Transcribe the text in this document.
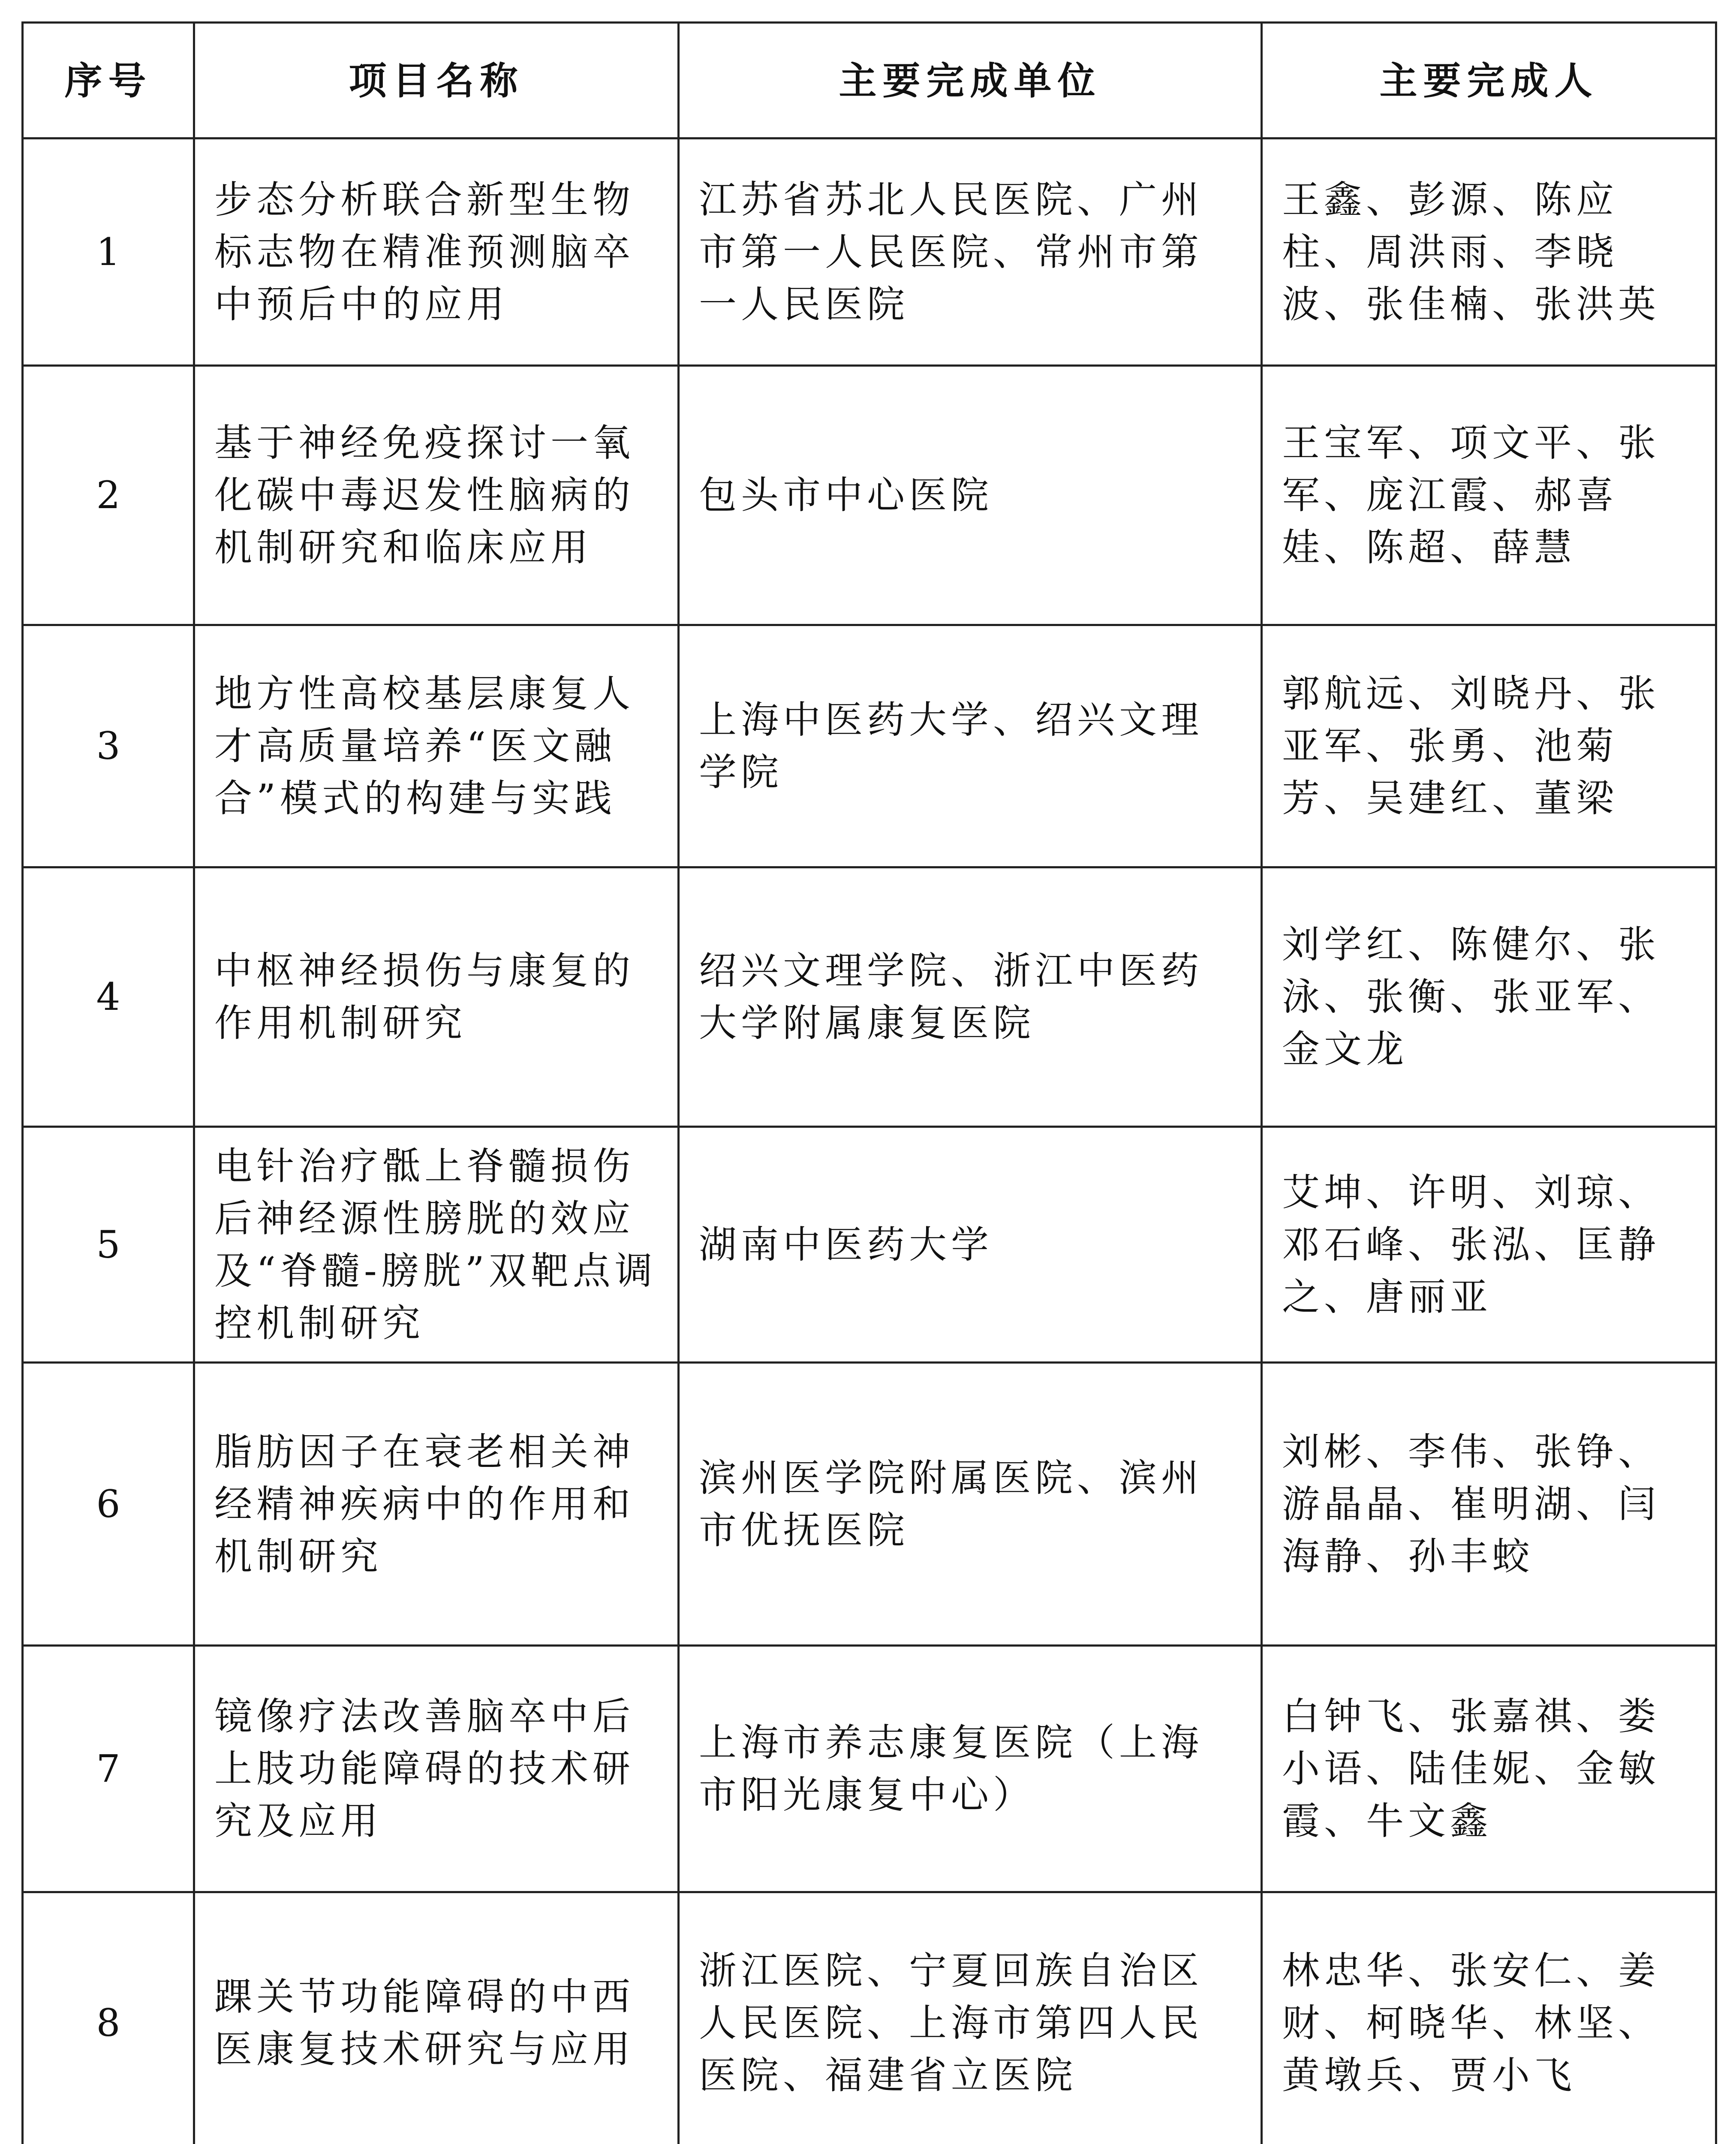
序号	项目名称	主要完成单位	主要完成人
1	步态分析联合新型生物标志物在精准预测脑卒中预后中的应用	江苏省苏北人民医院、广州市第一人民医院、常州市第一人民医院	王鑫、彭源、陈应柱、周洪雨、李晓波、张佳楠、张洪英
2	基于神经免疫探讨一氧化碳中毒迟发性脑病的机制研究和临床应用	包头市中心医院	王宝军、项文平、张军、庞江霞、郝喜娃、陈超、薛慧
3	地方性高校基层康复人才高质量培养“医文融合”模式的构建与实践	上海中医药大学、绍兴文理学院	郭航远、刘晓丹、张亚军、张勇、池菊芳、吴建红、董梁
4	中枢神经损伤与康复的作用机制研究	绍兴文理学院、浙江中医药大学附属康复医院	刘学红、陈健尔、张泳、张衡、张亚军、金文龙
5	电针治疗骶上脊髓损伤后神经源性膀胱的效应及“脊髓-膀胱”双靶点调控机制研究	湖南中医药大学	艾坤、许明、刘琼、邓石峰、张泓、匡静之、唐丽亚
6	脂肪因子在衰老相关神经精神疾病中的作用和机制研究	滨州医学院附属医院、滨州市优抚医院	刘彬、李伟、张铮、游晶晶、崔明湖、闫海静、孙丰蛟
7	镜像疗法改善脑卒中后上肢功能障碍的技术研究及应用	上海市养志康复医院（上海市阳光康复中心）	白钟飞、张嘉祺、娄小语、陆佳妮、金敏霞、牛文鑫
8	踝关节功能障碍的中西医康复技术研究与应用	浙江医院、宁夏回族自治区人民医院、上海市第四人民医院、福建省立医院	林忠华、张安仁、姜财、柯晓华、林坚、黄墩兵、贾小飞
